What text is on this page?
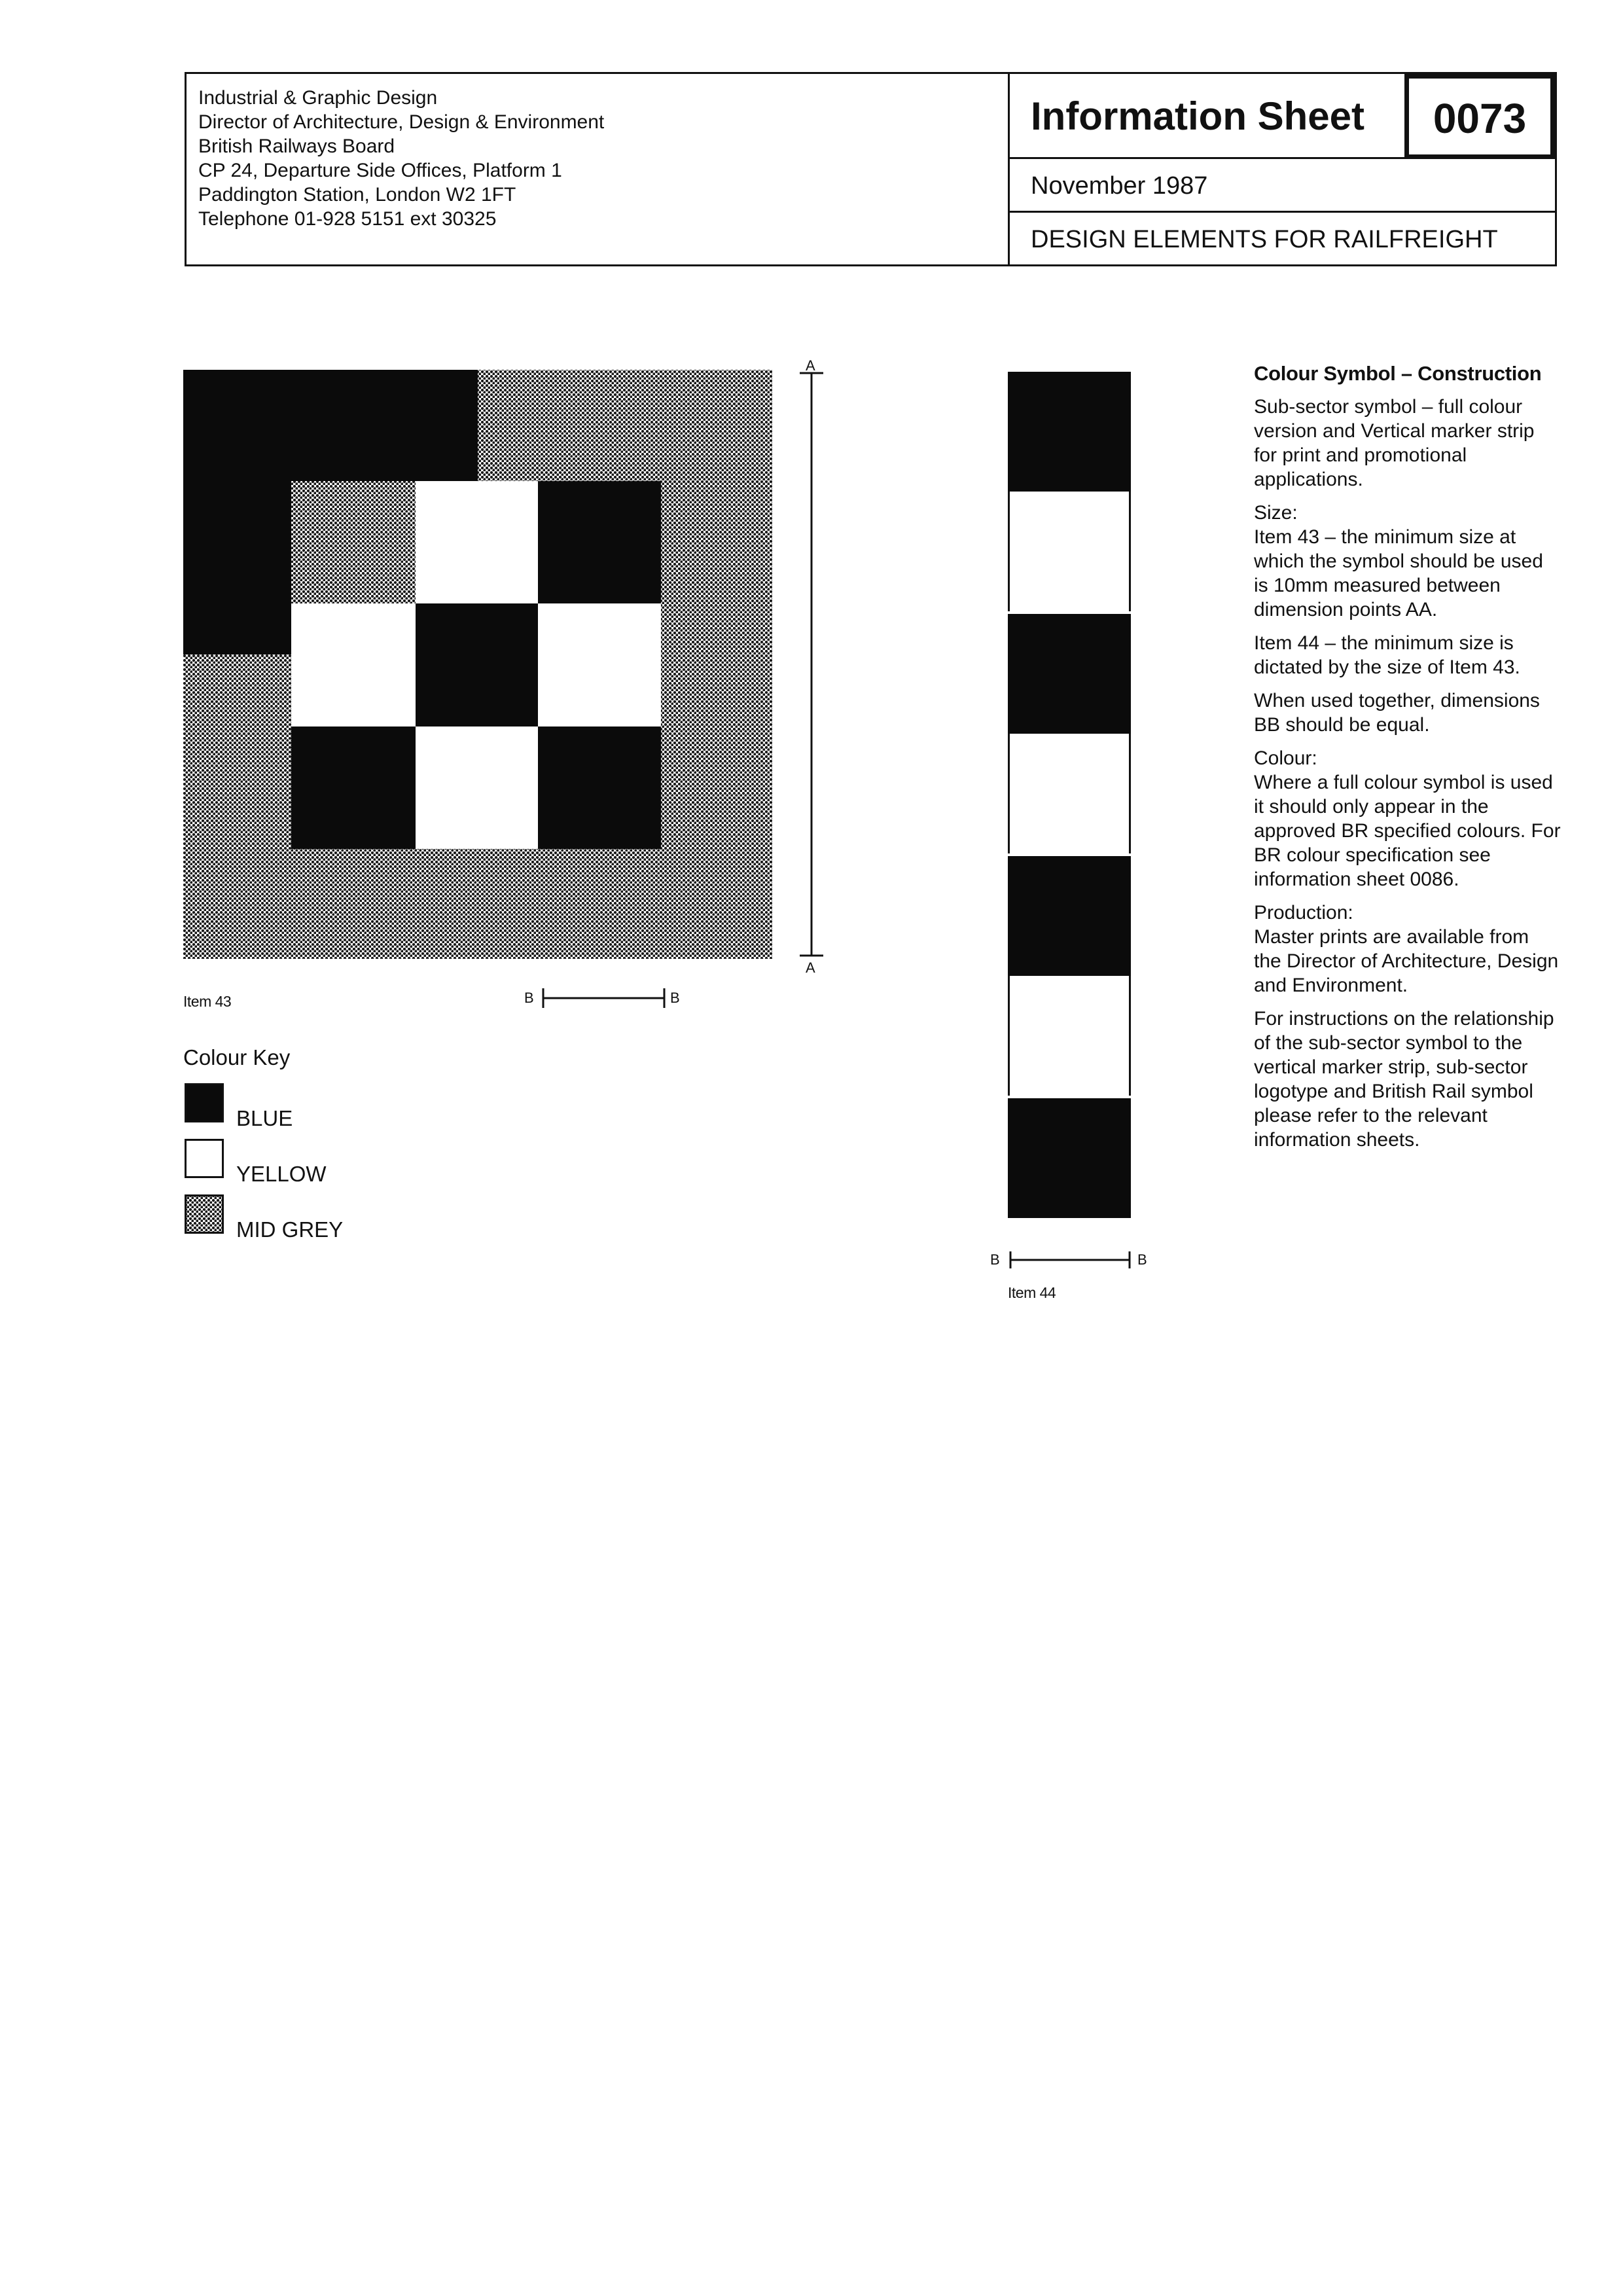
Industrial & Graphic Design
Director of Architecture, Design & Environment
British Railways Board
CP 24, Departure Side Offices, Platform 1
Paddington Station, London W2 1FT
Telephone 01-928 5151 ext 30325
Information Sheet	0073
November 1987
DESIGN ELEMENTS FOR RAILFREIGHT
A
A
B	B
Item 43
Colour Key
BLUE
YELLOW
MID GREY
B	B
Item 44
Colour Symbol – Construction

Sub-sector symbol – full colour version and Vertical marker strip for print and promotional applications.

Size:

Item 43 – the minimum size at which the symbol should be used is 10mm measured between dimension points AA.

Item 44 – the minimum size is dictated by the size of Item 43.

When used together, dimensions BB should be equal.

Colour:

Where a full colour symbol is used it should only appear in the approved BR specified colours. For BR colour specification see information sheet 0086.

Production:

Master prints are available from the Director of Architecture, Design and Environment.

For instructions on the relationship of the sub-sector symbol to the vertical marker strip, sub-sector logotype and British Rail symbol please refer to the relevant information sheets.
